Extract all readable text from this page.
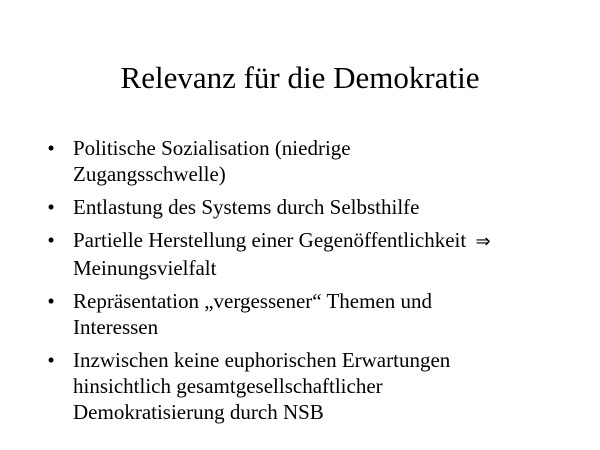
Relevanz für die Demokratie
• Politische Sozialisation (niedrige
Zugangsschwelle)
• Entlastung des Systems durch Selbsthilfe
• Partielle Herstellung einer Gegenöffentlichkeit ⇒
Meinungsvielfalt
• Repräsentation „vergessener“ Themen und
Interessen
• Inzwischen keine euphorischen Erwartungen
hinsichtlich gesamtgesellschaftlicher
Demokratisierung durch NSB
